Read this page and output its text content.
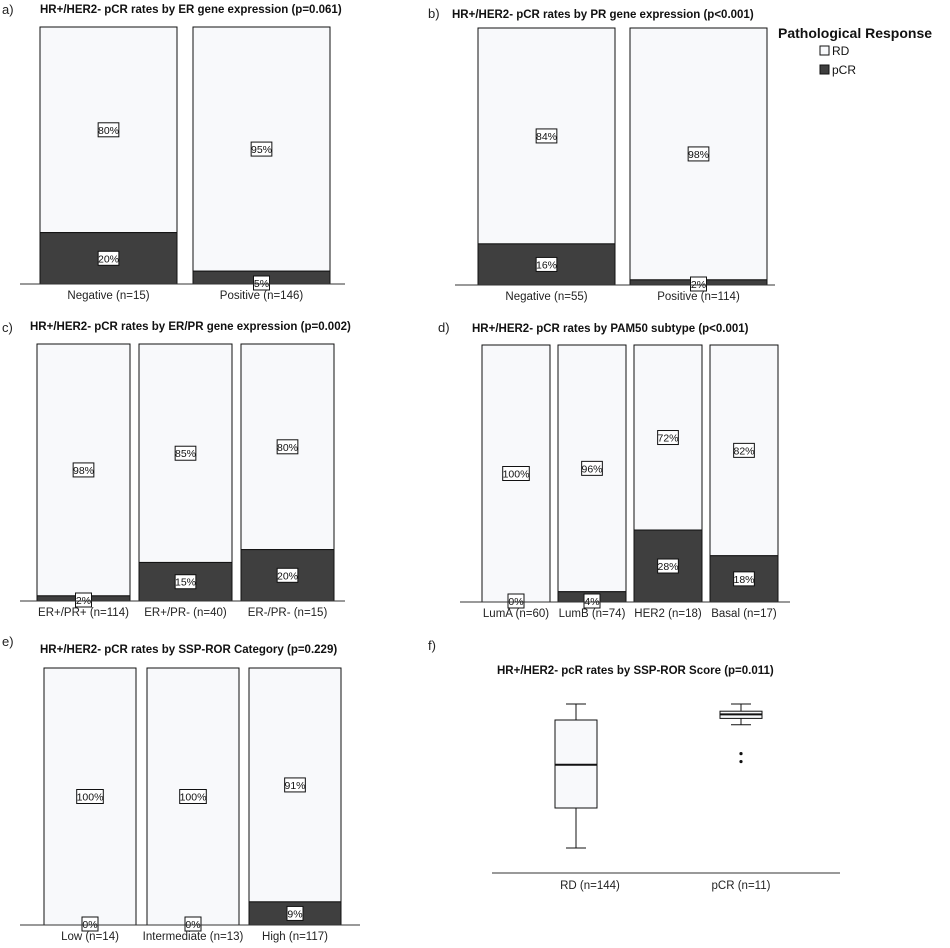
a) HR+/HER2- pCR rates by ER gene expression (p=0.061)
80%
20%
Negative (n=15)
95%
5%
Positive (n=146)
b) HR+/HER2- pCR rates by PR gene expression (p<0.001)
84%
16%
Negative (n=55)
98%
2%
Positive (n=114)
Pathological Response
RD
pCR
c) HR+/HER2- pCR rates by ER/PR gene expression (p=0.002)
98%
2%
ER+/PR+ (n=114)
85%
15%
ER+/PR- (n=40)
80%
20%
ER-/PR- (n=15)
d) HR+/HER2- pCR rates by PAM50 subtype (p<0.001)
100%
0%
LumA (n=60)
96%
4%
LumB (n=74)
72%
28%
HER2 (n=18)
82%
18%
Basal (n=17)
e)
HR+/HER2- pCR rates by SSP-ROR Category (p=0.229)
100%
0%
Low (n=14)
100%
0%
Intermediate (n=13)
91%
9%
High (n=117)
f)
HR+/HER2- pcR rates by SSP-ROR Score (p=0.011)
RD (n=144)	pCR (n=11)
